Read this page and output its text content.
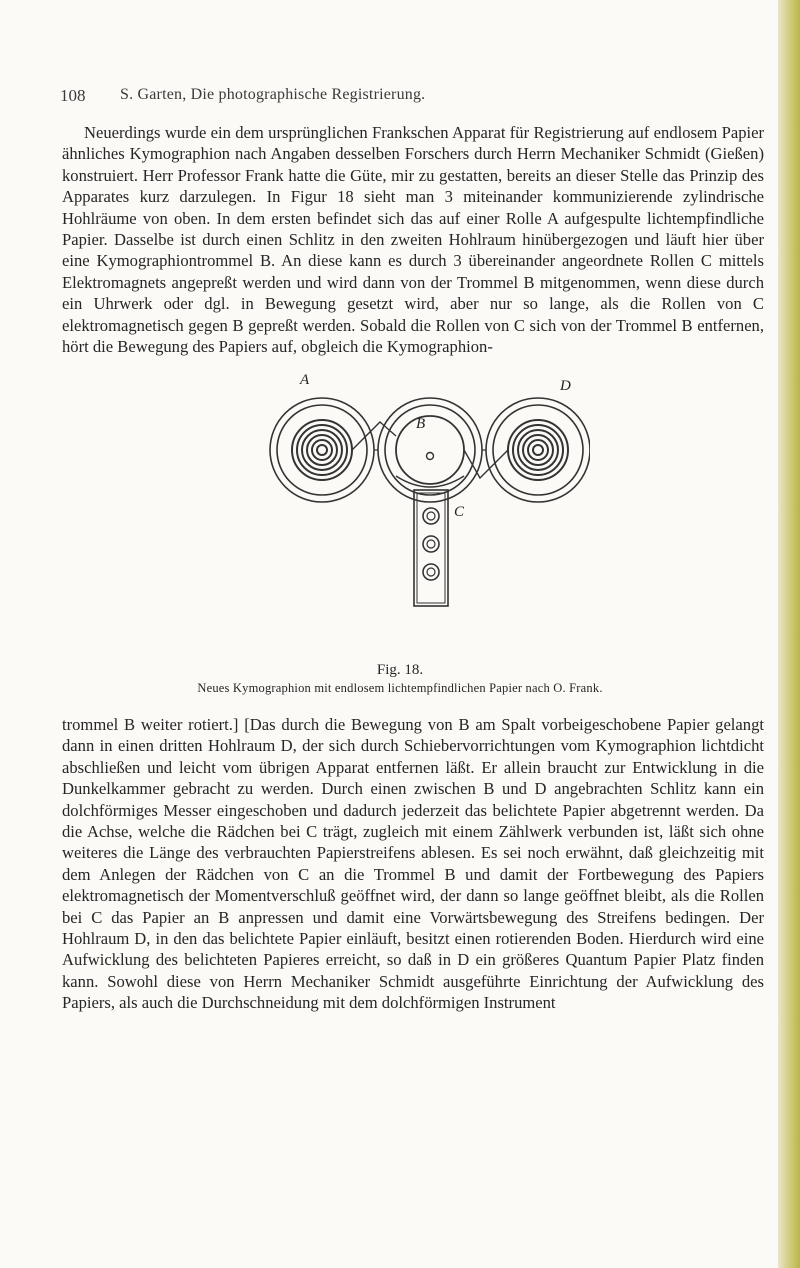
108 S. Garten, Die photographische Registrierung.

Neuerdings wurde ein dem ursprünglichen Frankschen Apparat für Registrierung auf endlosem Papier ähnliches Kymographion nach Angaben desselben Forschers durch Herrn Mechaniker Schmidt (Gießen) konstruiert. Herr Professor Frank hatte die Güte, mir zu gestatten, bereits an dieser Stelle das Prinzip des Apparates kurz darzulegen. In Figur 18 sieht man 3 miteinander kommunizierende zylindrische Hohlräume von oben. In dem ersten befindet sich das auf einer Rolle A aufgespulte lichtempfindliche Papier. Dasselbe ist durch einen Schlitz in den zweiten Hohlraum hinübergezogen und läuft hier über eine Kymographiontrommel B. An diese kann es durch 3 übereinander angeordnete Rollen C mittels Elektromagnets angepreßt werden und wird dann von der Trommel B mitgenommen, wenn diese durch ein Uhrwerk oder dgl. in Bewegung gesetzt wird, aber nur so lange, als die Rollen von C elektromagnetisch gegen B gepreßt werden. Sobald die Rollen von C sich von der Trommel B entfernen, hört die Bewegung des Papiers auf, obgleich die Kymographion-

A
B
C
D
Fig. 18.
Neues Kymographion mit endlosem lichtempfindlichen Papier nach O. Frank.

trommel B weiter rotiert.] [Das durch die Bewegung von B am Spalt vorbeigeschobene Papier gelangt dann in einen dritten Hohlraum D, der sich durch Schiebervorrichtungen vom Kymographion lichtdicht abschließen und leicht vom übrigen Apparat entfernen läßt. Er allein braucht zur Entwicklung in die Dunkelkammer gebracht zu werden. Durch einen zwischen B und D angebrachten Schlitz kann ein dolchförmiges Messer eingeschoben und dadurch jederzeit das belichtete Papier abgetrennt werden. Da die Achse, welche die Rädchen bei C trägt, zugleich mit einem Zählwerk verbunden ist, läßt sich ohne weiteres die Länge des verbrauchten Papierstreifens ablesen. Es sei noch erwähnt, daß gleichzeitig mit dem Anlegen der Rädchen von C an die Trommel B und damit der Fortbewegung des Papiers elektromagnetisch der Momentverschluß geöffnet wird, der dann so lange geöffnet bleibt, als die Rollen bei C das Papier an B anpressen und damit eine Vorwärtsbewegung des Streifens bedingen. Der Hohlraum D, in den das belichtete Papier einläuft, besitzt einen rotierenden Boden. Hierdurch wird eine Aufwicklung des belichteten Papieres erreicht, so daß in D ein größeres Quantum Papier Platz finden kann. Sowohl diese von Herrn Mechaniker Schmidt ausgeführte Einrichtung der Aufwicklung des Papiers, als auch die Durchschneidung mit dem dolchförmigen Instrument
